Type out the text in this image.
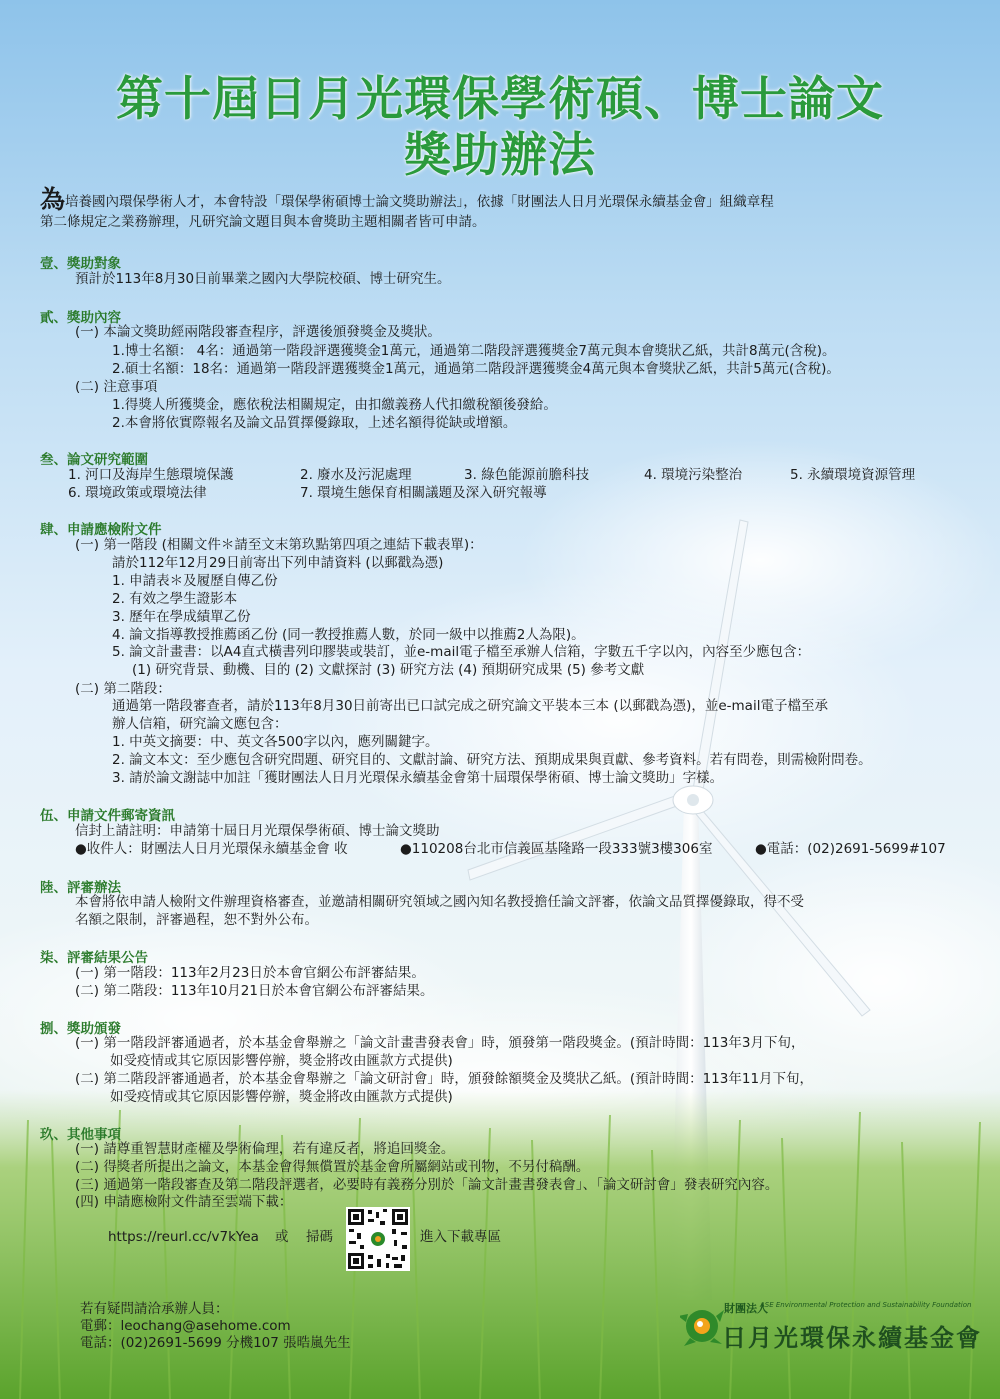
第十屆日月光環保學術碩、博士論文
獎助辦法
為培養國內環保學術人才，本會特設「環保學術碩博士論文獎助辦法」，依據「財團法人日月光環保永續基金會」組織章程
第二條規定之業務辦理，凡研究論文題目與本會獎助主題相關者皆可申請。
壹、獎助對象
預計於113年8月30日前畢業之國內大學院校碩、博士研究生。
貳、獎助內容
(一) 本論文獎助經兩階段審查程序，評選後頒發獎金及獎狀。
1.博士名額： 4名：通過第一階段評選獲獎金1萬元，通過第二階段評選獲獎金7萬元與本會獎狀乙紙，共計8萬元(含稅)。
2.碩士名額：18名：通過第一階段評選獲獎金1萬元，通過第二階段評選獲獎金4萬元與本會獎狀乙紙，共計5萬元(含稅)。
(二) 注意事項
1.得獎人所獲獎金，應依稅法相關規定，由扣繳義務人代扣繳稅額後發給。
2.本會將依實際報名及論文品質擇優錄取，上述名額得從缺或增額。
叁、論文研究範圍
1. 河口及海岸生態環境保護	2. 廢水及污泥處理	3. 綠色能源前膽科技	4. 環境污染整治	5. 永續環境資源管理
6. 環境政策或環境法律	7. 環境生態保育相關議題及深入研究報導
肆、申請應檢附文件
(一) 第一階段 (相關文件＊請至文末第玖點第四項之連結下載表單)：
請於112年12月29日前寄出下列申請資料 (以郵戳為憑)
1. 申請表＊及履歷自傳乙份
2. 有效之學生證影本
3. 歷年在學成績單乙份
4. 論文指導教授推薦函乙份 (同一教授推薦人數，於同一級中以推薦2人為限)。
5. 論文計畫書：以A4直式橫書列印膠裝或裝訂，並e-mail電子檔至承辦人信箱，字數五千字以內，內容至少應包含：
(1) 研究背景、動機、目的 (2) 文獻探討 (3) 研究方法 (4) 預期研究成果 (5) 參考文獻
(二) 第二階段：
通過第一階段審查者，請於113年8月30日前寄出已口試完成之研究論文平裝本三本 (以郵戳為憑)，並e-mail電子檔至承
辦人信箱，研究論文應包含：
1. 中英文摘要：中、英文各500字以內，應列關鍵字。
2. 論文本文：至少應包含研究問題、研究目的、文獻討論、研究方法、預期成果與貢獻、參考資料。若有問卷，則需檢附問卷。
3. 請於論文謝誌中加註「獲財團法人日月光環保永續基金會第十屆環保學術碩、博士論文獎助」字樣。
伍、申請文件郵寄資訊
信封上請註明：申請第十屆日月光環保學術碩、博士論文獎助
●收件人：財團法人日月光環保永續基金會 收	●110208台北市信義區基隆路一段333號3樓306室	●電話：(02)2691-5699#107
陸、評審辦法
本會將依申請人檢附文件辦理資格審查，並邀請相關研究領域之國內知名教授擔任論文評審，依論文品質擇優錄取，得不受
名額之限制，評審過程，恕不對外公布。
柒、評審結果公告
(一) 第一階段：113年2月23日於本會官網公布評審結果。
(二) 第二階段：113年10月21日於本會官網公布評審結果。
捌、獎助頒發
(一) 第一階段評審通過者，於本基金會舉辦之「論文計畫書發表會」時，頒發第一階段獎金。(預計時間：113年3月下旬，
如受疫情或其它原因影響停辦，獎金將改由匯款方式提供)
(二) 第二階段評審通過者，於本基金會舉辦之「論文研討會」時，頒發餘額獎金及獎狀乙紙。(預計時間：113年11月下旬，
如受疫情或其它原因影響停辦，獎金將改由匯款方式提供)
玖、其他事項
(一) 請尊重智慧財產權及學術倫理，若有違反者，將追回獎金。
(二) 得獎者所提出之論文，本基金會得無償置於基金會所屬網站或刊物，不另付稿酬。
(三) 通過第一階段審查及第二階段評選者，必要時有義務分別於「論文計畫書發表會」、「論文研討會」發表研究內容。
(四) 申請應檢附文件請至雲端下載：
https://reurl.cc/v7kYea 或 掃碼	進入下載專區
若有疑問請洽承辦人員：
電郵：leochang@asehome.com
電話：(02)2691-5699 分機107 張晧嵐先生
財團法人
ASE Environmental Protection and Sustainability Foundation
日月光環保永續基金會
